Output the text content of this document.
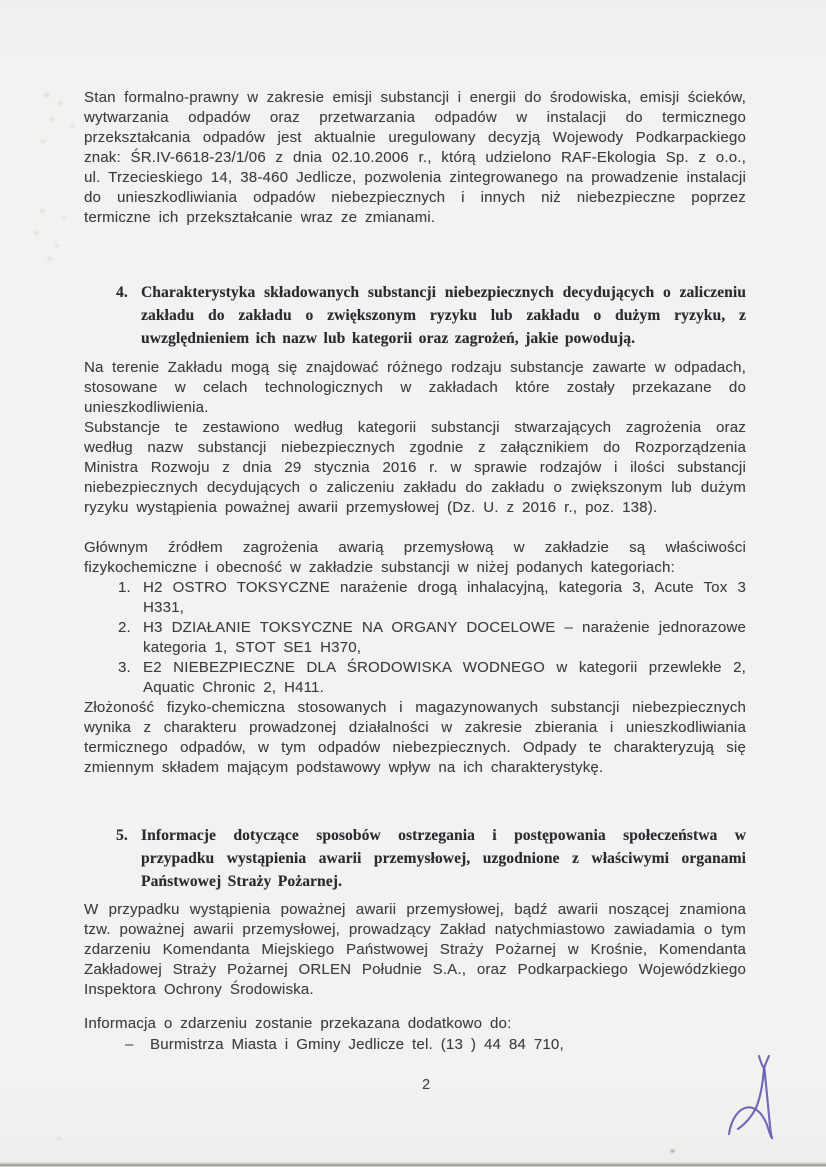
Stan formalno-prawny w zakresie emisji substancji i energii do środowiska, emisji ścieków, wytwarzania odpadów oraz przetwarzania odpadów w instalacji do termicznego przekształcania odpadów jest aktualnie uregulowany decyzją Wojewody Podkarpackiego znak: ŚR.IV-6618-23/1/06 z dnia 02.10.2006 r., którą udzielono RAF-Ekologia Sp. z o.o., ul. Trzecieskiego 14, 38-460 Jedlicze, pozwolenia zintegrowanego na prowadzenie instalacji do unieszkodliwiania odpadów niebezpiecznych i innych niż niebezpieczne poprzez termiczne ich przekształcanie wraz ze zmianami.

4. Charakterystyka składowanych substancji niebezpiecznych decydujących o zaliczeniu zakładu do zakładu o zwiększonym ryzyku lub zakładu o dużym ryzyku, z uwzględnieniem ich nazw lub kategorii oraz zagrożeń, jakie powodują.

Na terenie Zakładu mogą się znajdować różnego rodzaju substancje zawarte w odpadach, stosowane w celach technologicznych w zakładach które zostały przekazane do unieszkodliwienia.

Substancje te zestawiono według kategorii substancji stwarzających zagrożenia oraz według nazw substancji niebezpiecznych zgodnie z załącznikiem do Rozporządzenia Ministra Rozwoju z dnia 29 stycznia 2016 r. w sprawie rodzajów i ilości substancji niebezpiecznych decydujących o zaliczeniu zakładu do zakładu o zwiększonym lub dużym ryzyku wystąpienia poważnej awarii przemysłowej (Dz. U. z 2016 r., poz. 138).

Głównym źródłem zagrożenia awarią przemysłową w zakładzie są właściwości fizykochemiczne i obecność w zakładzie substancji w niżej podanych kategoriach:

1. H2 OSTRO TOKSYCZNE narażenie drogą inhalacyjną, kategoria 3, Acute Tox 3 H331,
2. H3 DZIAŁANIE TOKSYCZNE NA ORGANY DOCELOWE – narażenie jednorazowe kategoria 1, STOT SE1 H370,
3. E2 NIEBEZPIECZNE DLA ŚRODOWISKA WODNEGO w kategorii przewlekłe 2, Aquatic Chronic 2, H411.

Złożoność fizyko-chemiczna stosowanych i magazynowanych substancji niebezpiecznych wynika z charakteru prowadzonej działalności w zakresie zbierania i unieszkodliwiania termicznego odpadów, w tym odpadów niebezpiecznych. Odpady te charakteryzują się zmiennym składem mającym podstawowy wpływ na ich charakterystykę.

5. Informacje dotyczące sposobów ostrzegania i postępowania społeczeństwa w przypadku wystąpienia awarii przemysłowej, uzgodnione z właściwymi organami Państwowej Straży Pożarnej.

W przypadku wystąpienia poważnej awarii przemysłowej, bądź awarii noszącej znamiona tzw. poważnej awarii przemysłowej, prowadzący Zakład natychmiastowo zawiadamia o tym zdarzeniu Komendanta Miejskiego Państwowej Straży Pożarnej w Krośnie, Komendanta Zakładowej Straży Pożarnej ORLEN Południe S.A., oraz Podkarpackiego Wojewódzkiego Inspektora Ochrony Środowiska.

Informacja o zdarzeniu zostanie przekazana dodatkowo do:

– Burmistrza Miasta i Gminy Jedlicze tel. (13 ) 44 84 710,
2
